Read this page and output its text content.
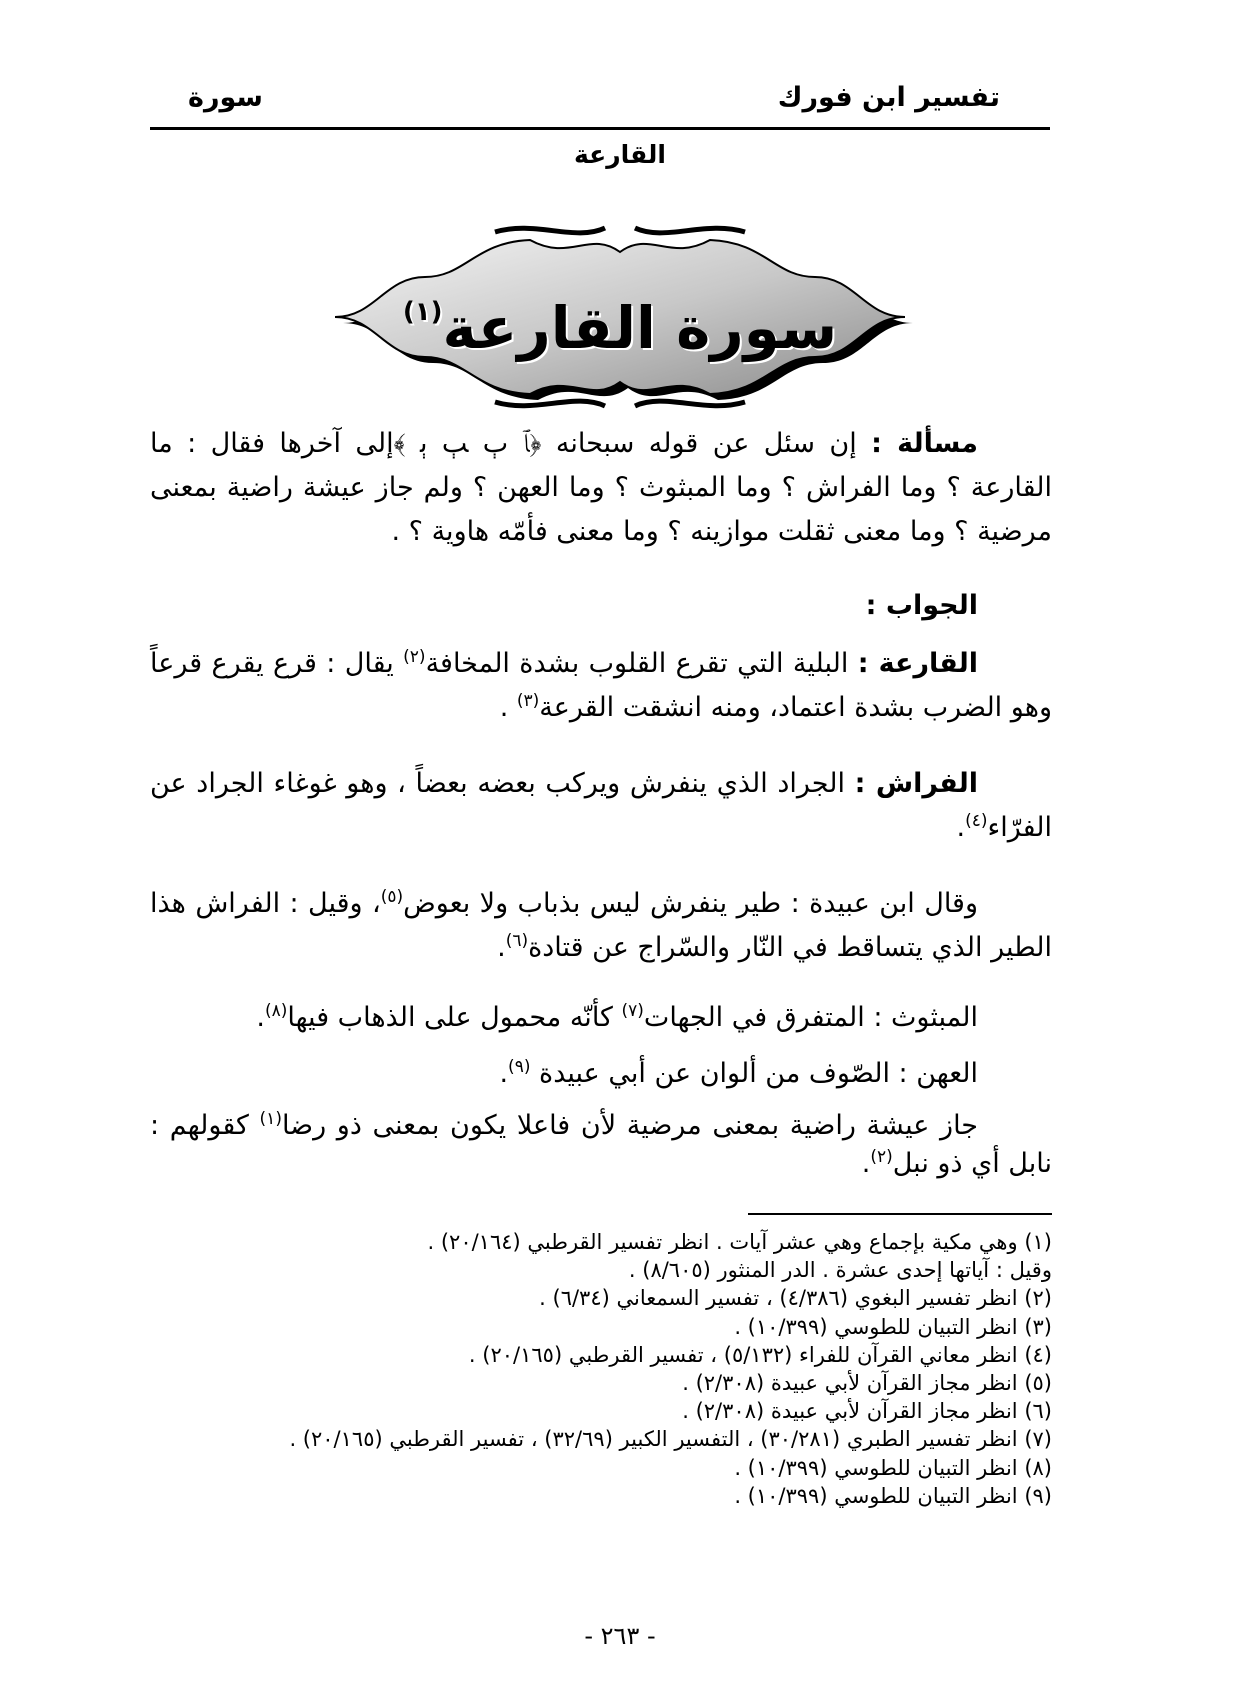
تفسير ابن فورك
سورة
القارعة
سورة القارعة$^{(١)}$

مسألة : إن سئل عن قوله سبحانه ﴿ﭑ ﭒ ﭓ ﭔ ﴾إلى آخرها فقال : ما القارعة ؟ وما الفراش ؟ وما المبثوث ؟ وما العهن ؟ ولم جاز عيشة راضية بمعنى مرضية ؟ وما معنى ثقلت موازينه ؟ وما معنى فأمّه هاوية ؟ .

الجواب :

القارعة : البلية التي تقرع القلوب بشدة المخافة$^{(٢)}$ يقال : قرع يقرع قرعاً وهو الضرب بشدة اعتماد، ومنه انشقت القرعة$^{(٣)}$ .

الفراش : الجراد الذي ينفرش ويركب بعضه بعضاً ، وهو غوغاء الجراد عن الفرّاء$^{(٤)}$.

وقال ابن عبيدة : طير ينفرش ليس بذباب ولا بعوض$^{(٥)}$، وقيل : الفراش هذا الطير الذي يتساقط في النّار والسّراج عن قتادة$^{(٦)}$.

المبثوث : المتفرق في الجهات$^{(٧)}$ كأنّه محمول على الذهاب فيها$^{(٨)}$.

العهن : الصّوف من ألوان عن أبي عبيدة $^{(٩)}$.

جاز عيشة راضية بمعنى مرضية لأن فاعلا يكون بمعنى ذو رضا$^{(١)}$ كقولهم : نابل أي ذو نبل$^{(٢)}$.

(١) وهي مكية بإجماع وهي عشر آيات . انظر تفسير القرطبي (٢٠/١٦٤) .
وقيل : آياتها إحدى عشرة . الدر المنثور (٨/٦٠٥) .
(٢) انظر تفسير البغوي (٤/٣٨٦) ، تفسير السمعاني (٦/٣٤) .
(٣) انظر التبيان للطوسي (١٠/٣٩٩) .
(٤) انظر معاني القرآن للفراء (٥/١٣٢) ، تفسير القرطبي (٢٠/١٦٥) .
(٥) انظر مجاز القرآن لأبي عبيدة (٢/٣٠٨) .
(٦) انظر مجاز القرآن لأبي عبيدة (٢/٣٠٨) .
(٧) انظر تفسير الطبري (٣٠/٢٨١) ، التفسير الكبير (٣٢/٦٩) ، تفسير القرطبي (٢٠/١٦٥) .
(٨) انظر التبيان للطوسي (١٠/٣٩٩) .
(٩) انظر التبيان للطوسي (١٠/٣٩٩) .
- ٢٦٣ -
